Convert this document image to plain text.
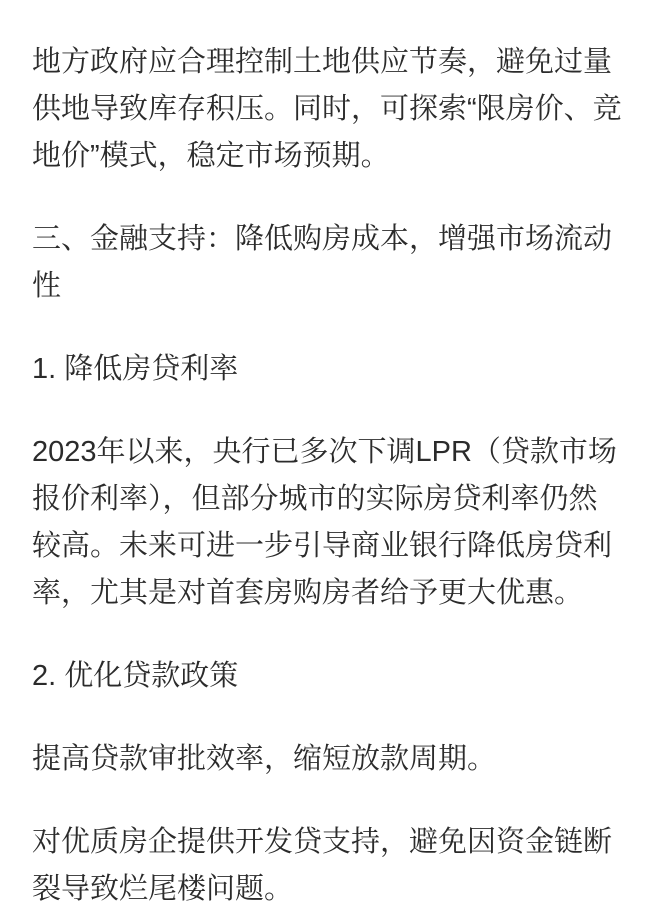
地方政府应合理控制土地供应节奏，避免过量供地导致库存积压。同时，可探索“限房价、竞地价”模式，稳定市场预期。

三、金融支持：降低购房成本，增强市场流动性
1. 降低房贷利率

2023年以来，央行已多次下调LPR（贷款市场报价利率），但部分城市的实际房贷利率仍然较高。未来可进一步引导商业银行降低房贷利率，尤其是对首套房购房者给予更大优惠。

2. 优化贷款政策

提高贷款审批效率，缩短放款周期。

对优质房企提供开发贷支持，避免因资金链断裂导致烂尾楼问题。
